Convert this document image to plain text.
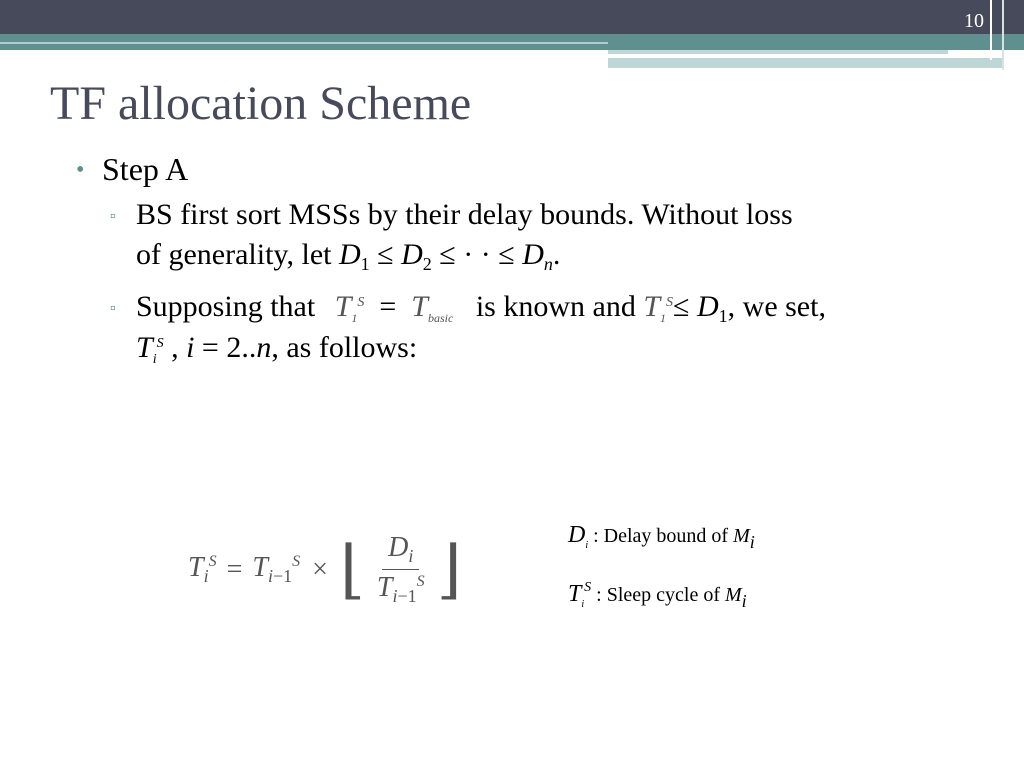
10
TF allocation Scheme
• Step A
▫ BS first sort MSSs by their delay bounds. Without loss
of generality, let $D_1 \le D_2$ ≤ · · ≤ $D_n$.
▫ Supposing that $T_1^S = T_{basic}$ is known and $T_1^S\le D_1$, we set,
$T_i^S$ , i = 2..n, as follows:
$T_i^S = T_{i-1}^S$ × ⌊ $\frac{D_i}{T_{i-1}^S}$ ⌋	$D_i$ : Delay bound of $M_i$
$T_i^S$ : Sleep cycle of $M_i$
